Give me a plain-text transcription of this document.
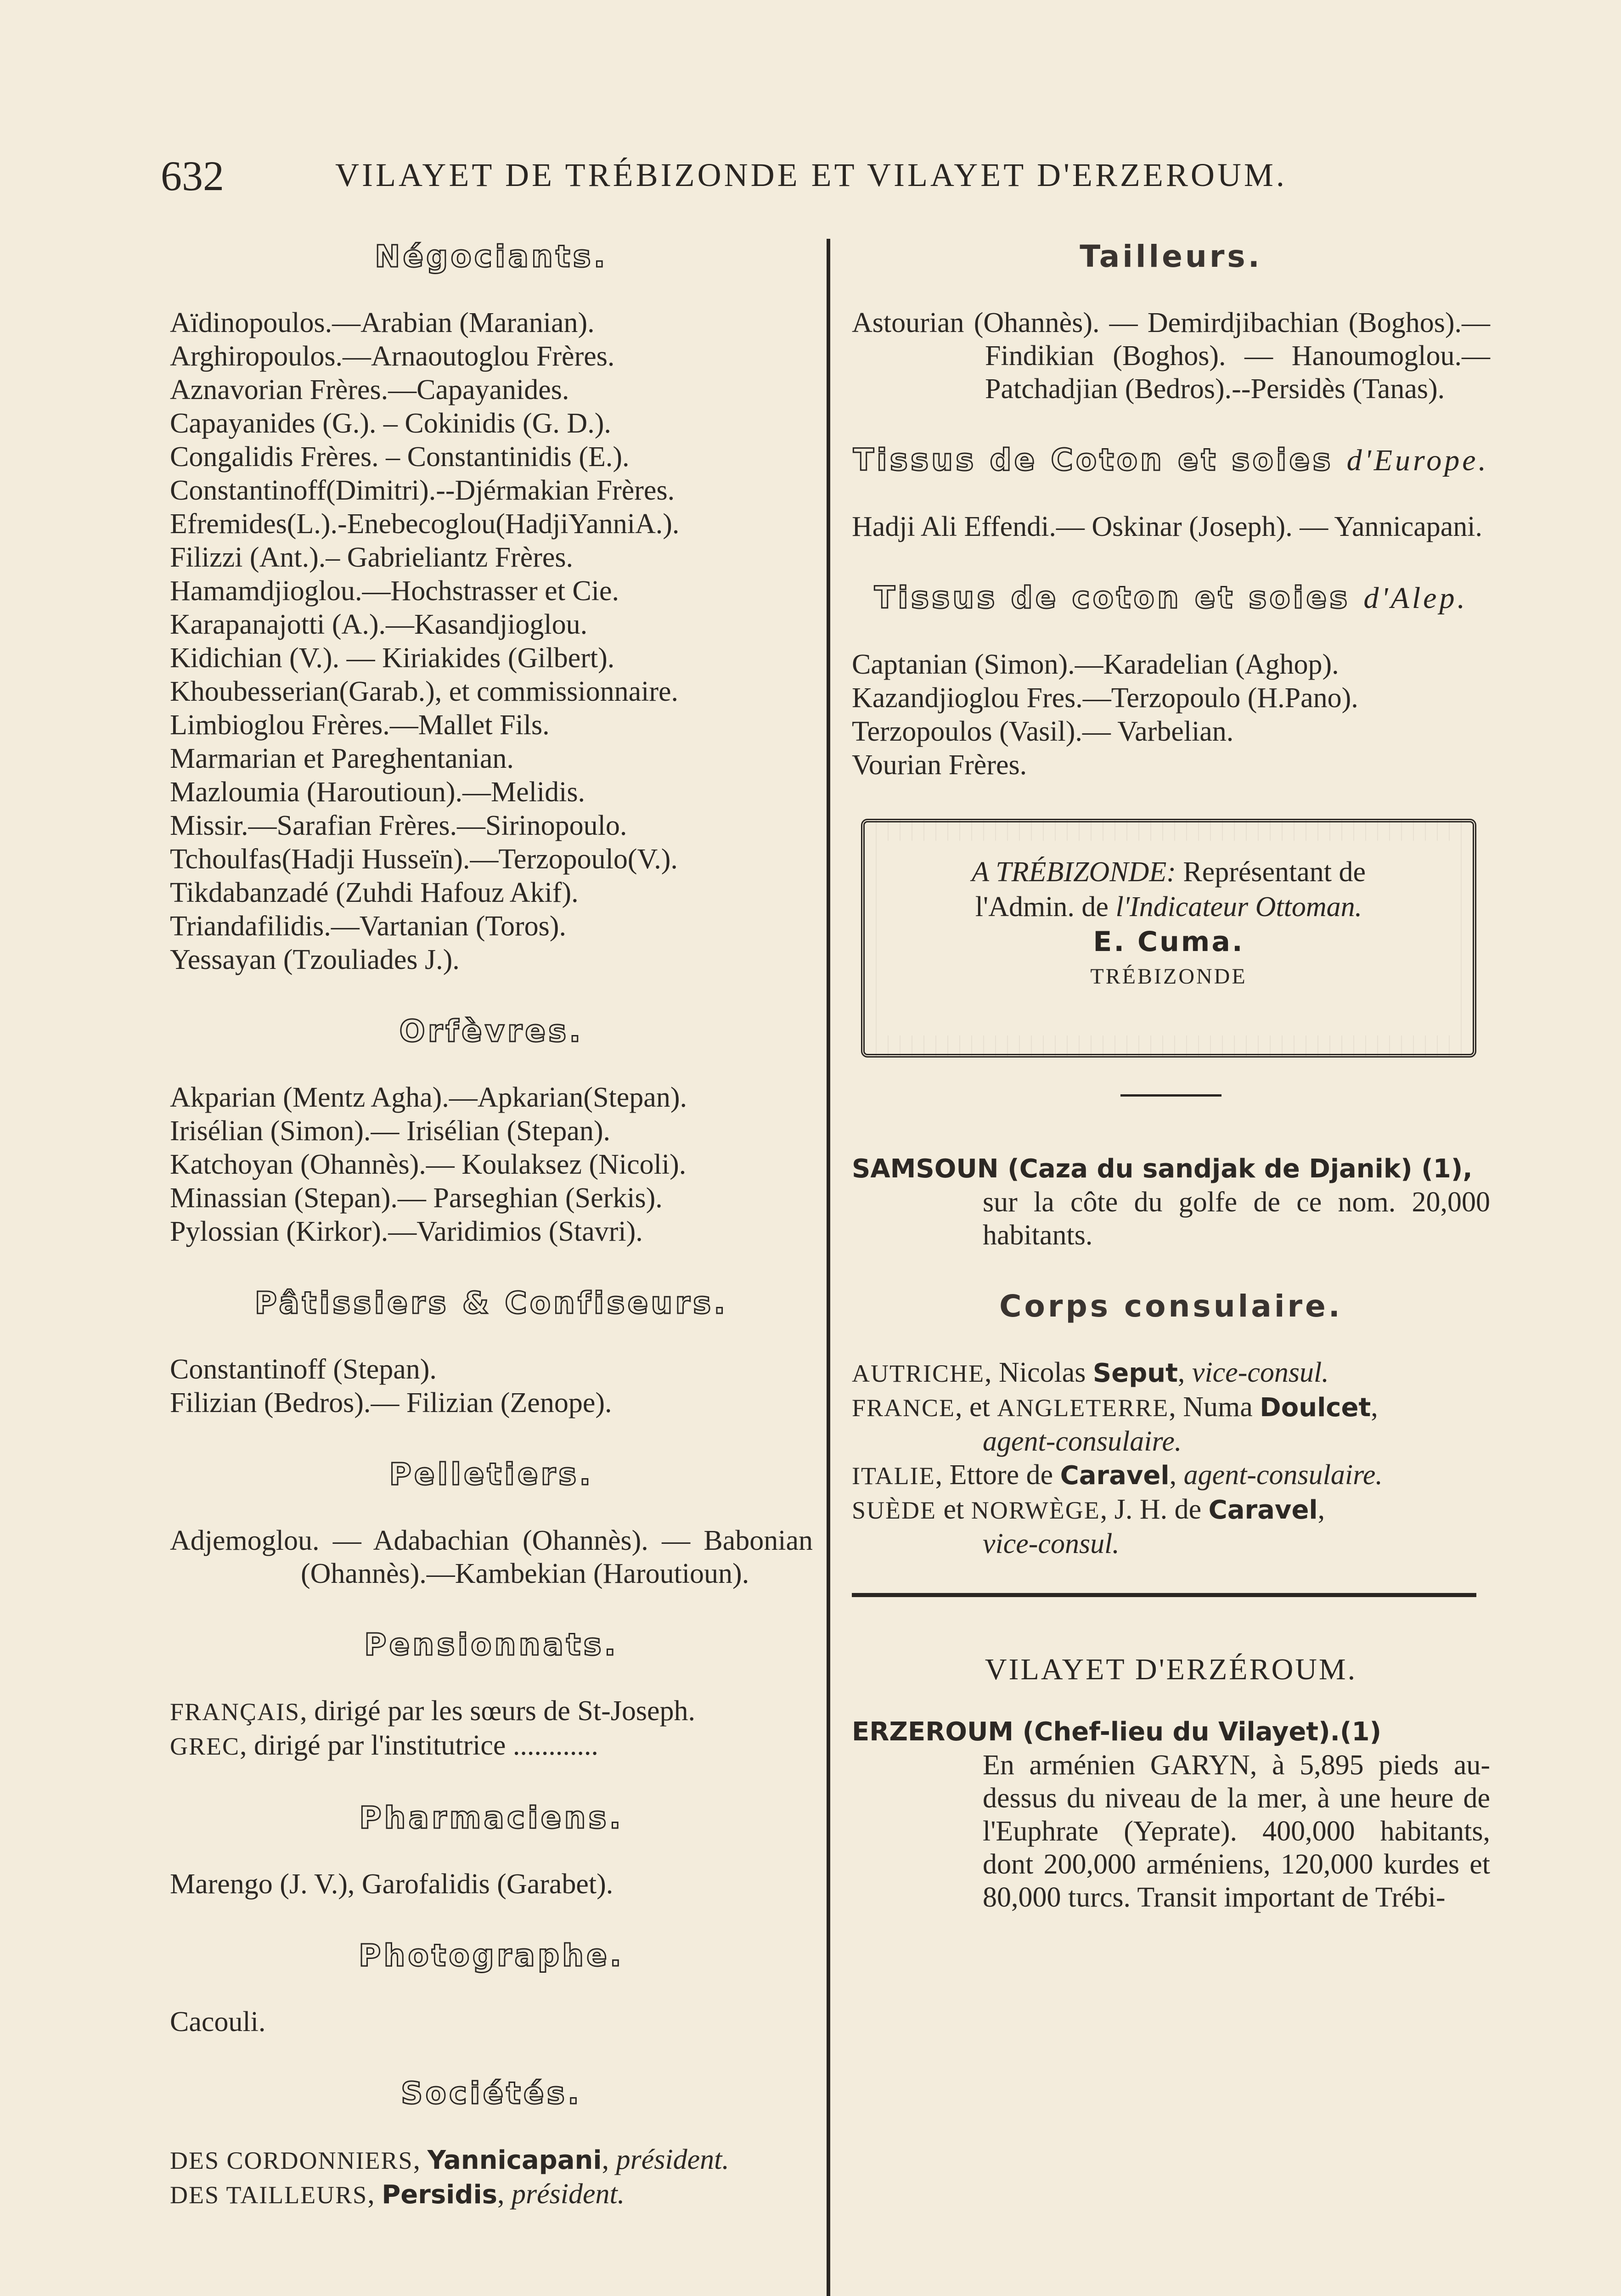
632	VILAYET DE TRÉBIZONDE ET VILAYET D'ERZEROUM.
Négociants.
Aïdinopoulos.—Arabian (Maranian).
Arghiropoulos.—Arnaoutoglou Frères.
Aznavorian Frères.—Capayanides.
Capayanides (G.). – Cokinidis (G. D.).
Congalidis Frères. – Constantinidis (E.).
Constantinoff(Dimitri).--Djérmakian Frères.
Efremides(L.).-Enebecoglou(HadjiYanniA.).
Filizzi (Ant.).– Gabrieliantz Frères.
Hamamdjioglou.—Hochstrasser et Cie.
Karapanajotti (A.).—Kasandjioglou.
Kidichian (V.). — Kiriakides (Gilbert).
Khoubesserian(Garab.), et commissionnaire.
Limbioglou Frères.—Mallet Fils.
Marmarian et Pareghentanian.
Mazloumia (Haroutioun).—Melidis.
Missir.—Sarafian Frères.—Sirinopoulo.
Tchoulfas(Hadji Husseïn).—Terzopoulo(V.).
Tikdabanzadé (Zuhdi Hafouz Akif).
Triandafilidis.—Vartanian (Toros).
Yessayan (Tzouliades J.).
Orfèvres.
Akparian (Mentz Agha).—Apkarian(Stepan).
Irisélian (Simon).— Irisélian (Stepan).
Katchoyan (Ohannès).— Koulaksez (Nicoli).
Minassian (Stepan).— Parseghian (Serkis).
Pylossian (Kirkor).—Varidimios (Stavri).
Pâtissiers & Confiseurs.
Constantinoff (Stepan).
Filizian (Bedros).— Filizian (Zenope).
Pelletiers.
Adjemoglou. — Adabachian (Ohannès). — Babonian (Ohannès).—Kambekian (Haroutioun).
Pensionnats.
FRANÇAIS, dirigé par les sœurs de St-Joseph.
GREC, dirigé par l'institutrice ............
Pharmaciens.
Marengo (J. V.), Garofalidis (Garabet).
Photographe.
Cacouli.
Sociétés.
DES CORDONNIERS, Yannicapani, président.
DES TAILLEURS, Persidis, président.
Tailleurs.
Astourian (Ohannès). — Demirdjibachian (Boghos).— Findikian (Boghos). — Hanoumoglou.—Patchadjian (Bedros).--Persidès (Tanas).
Tissus de Coton et soies d'Europe.
Hadji Ali Effendi.— Oskinar (Joseph). — Yannicapani.
Tissus de coton et soies d'Alep.
Captanian (Simon).—Karadelian (Aghop).
Kazandjioglou Fres.—Terzopoulo (H.Pano).
Terzopoulos (Vasil).— Varbelian.
Vourian Frères.
A TRÉBIZONDE: Représentant de
l'Admin. de l'Indicateur Ottoman.
E. Cuma.
TRÉBIZONDE
SAMSOUN (Caza du sandjak de Djanik) (1),
sur la côte du golfe de ce nom. 20,000 habitants.
Corps consulaire.
AUTRICHE, Nicolas Seput, vice-consul.
FRANCE, et ANGLETERRE, Numa Doulcet,
agent-consulaire.
ITALIE, Ettore de Caravel, agent-consulaire.
SUÈDE et NORWÈGE, J. H. de Caravel,
vice-consul.
VILAYET D'ERZÉROUM.
ERZEROUM (Chef-lieu du Vilayet).(1)
En arménien GARYN, à 5,895 pieds au-dessus du niveau de la mer, à une heure de l'Euphrate (Yeprate). 400,000 habitants, dont 200,000 arméniens, 120,000 kurdes et 80,000 turcs. Transit important de Trébi-
